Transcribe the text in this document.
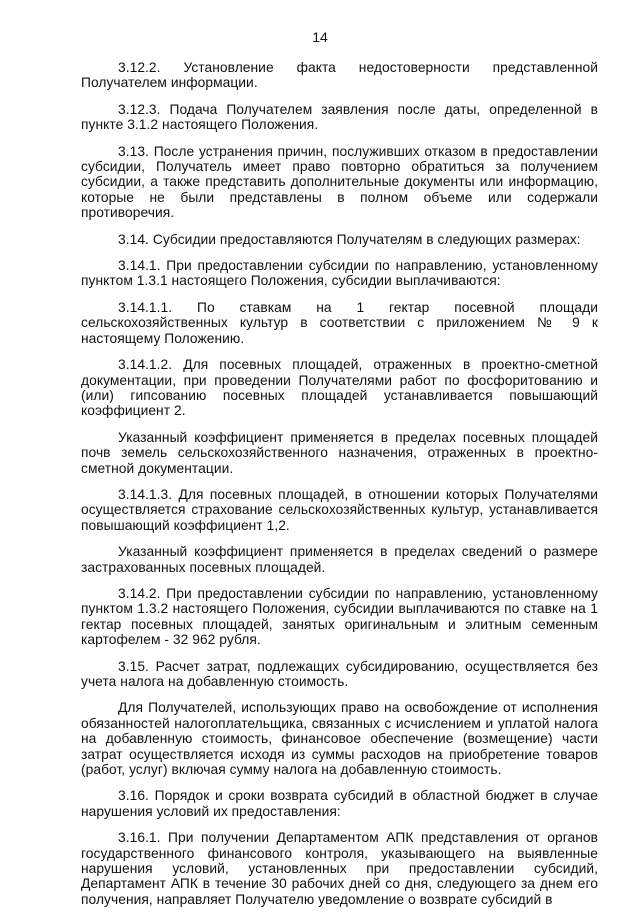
14

3.12.2. Установление факта недостоверности представленной Получателем информации.

3.12.3. Подача Получателем заявления после даты, определенной в пункте 3.1.2 настоящего Положения.

3.13. После устранения причин, послуживших отказом в предоставлении субсидии, Получатель имеет право повторно обратиться за получением субсидии, а также представить дополнительные документы или информацию, которые не были представлены в полном объеме или содержали противоречия.

3.14. Субсидии предоставляются Получателям в следующих размерах:

3.14.1. При предоставлении субсидии по направлению, установленному пунктом 1.3.1 настоящего Положения, субсидии выплачиваются:

3.14.1.1. По ставкам на 1 гектар посевной площади сельскохозяйственных культур в соответствии с приложением № 9 к настоящему Положению.

3.14.1.2. Для посевных площадей, отраженных в проектно-сметной документации, при проведении Получателями работ по фосфоритованию и (или) гипсованию посевных площадей устанавливается повышающий коэффициент 2.

Указанный коэффициент применяется в пределах посевных площадей почв земель сельскохозяйственного назначения, отраженных в проектно-сметной документации.

3.14.1.3. Для посевных площадей, в отношении которых Получателями осуществляется страхование сельскохозяйственных культур, устанавливается повышающий коэффициент 1,2.

Указанный коэффициент применяется в пределах сведений о размере застрахованных посевных площадей.

3.14.2. При предоставлении субсидии по направлению, установленному пунктом 1.3.2 настоящего Положения, субсидии выплачиваются по ставке на 1 гектар посевных площадей, занятых оригинальным и элитным семенным картофелем - 32 962 рубля.

3.15. Расчет затрат, подлежащих субсидированию, осуществляется без учета налога на добавленную стоимость.

Для Получателей, использующих право на освобождение от исполнения обязанностей налогоплательщика, связанных с исчислением и уплатой налога на добавленную стоимость, финансовое обеспечение (возмещение) части затрат осуществляется исходя из суммы расходов на приобретение товаров (работ, услуг) включая сумму налога на добавленную стоимость.

3.16. Порядок и сроки возврата субсидий в областной бюджет в случае нарушения условий их предоставления:

3.16.1. При получении Департаментом АПК представления от органов государственного финансового контроля, указывающего на выявленные нарушения условий, установленных при предоставлении субсидий, Департамент АПК в течение 30 рабочих дней со дня, следующего за днем его получения, направляет Получателю уведомление о возврате субсидий в
